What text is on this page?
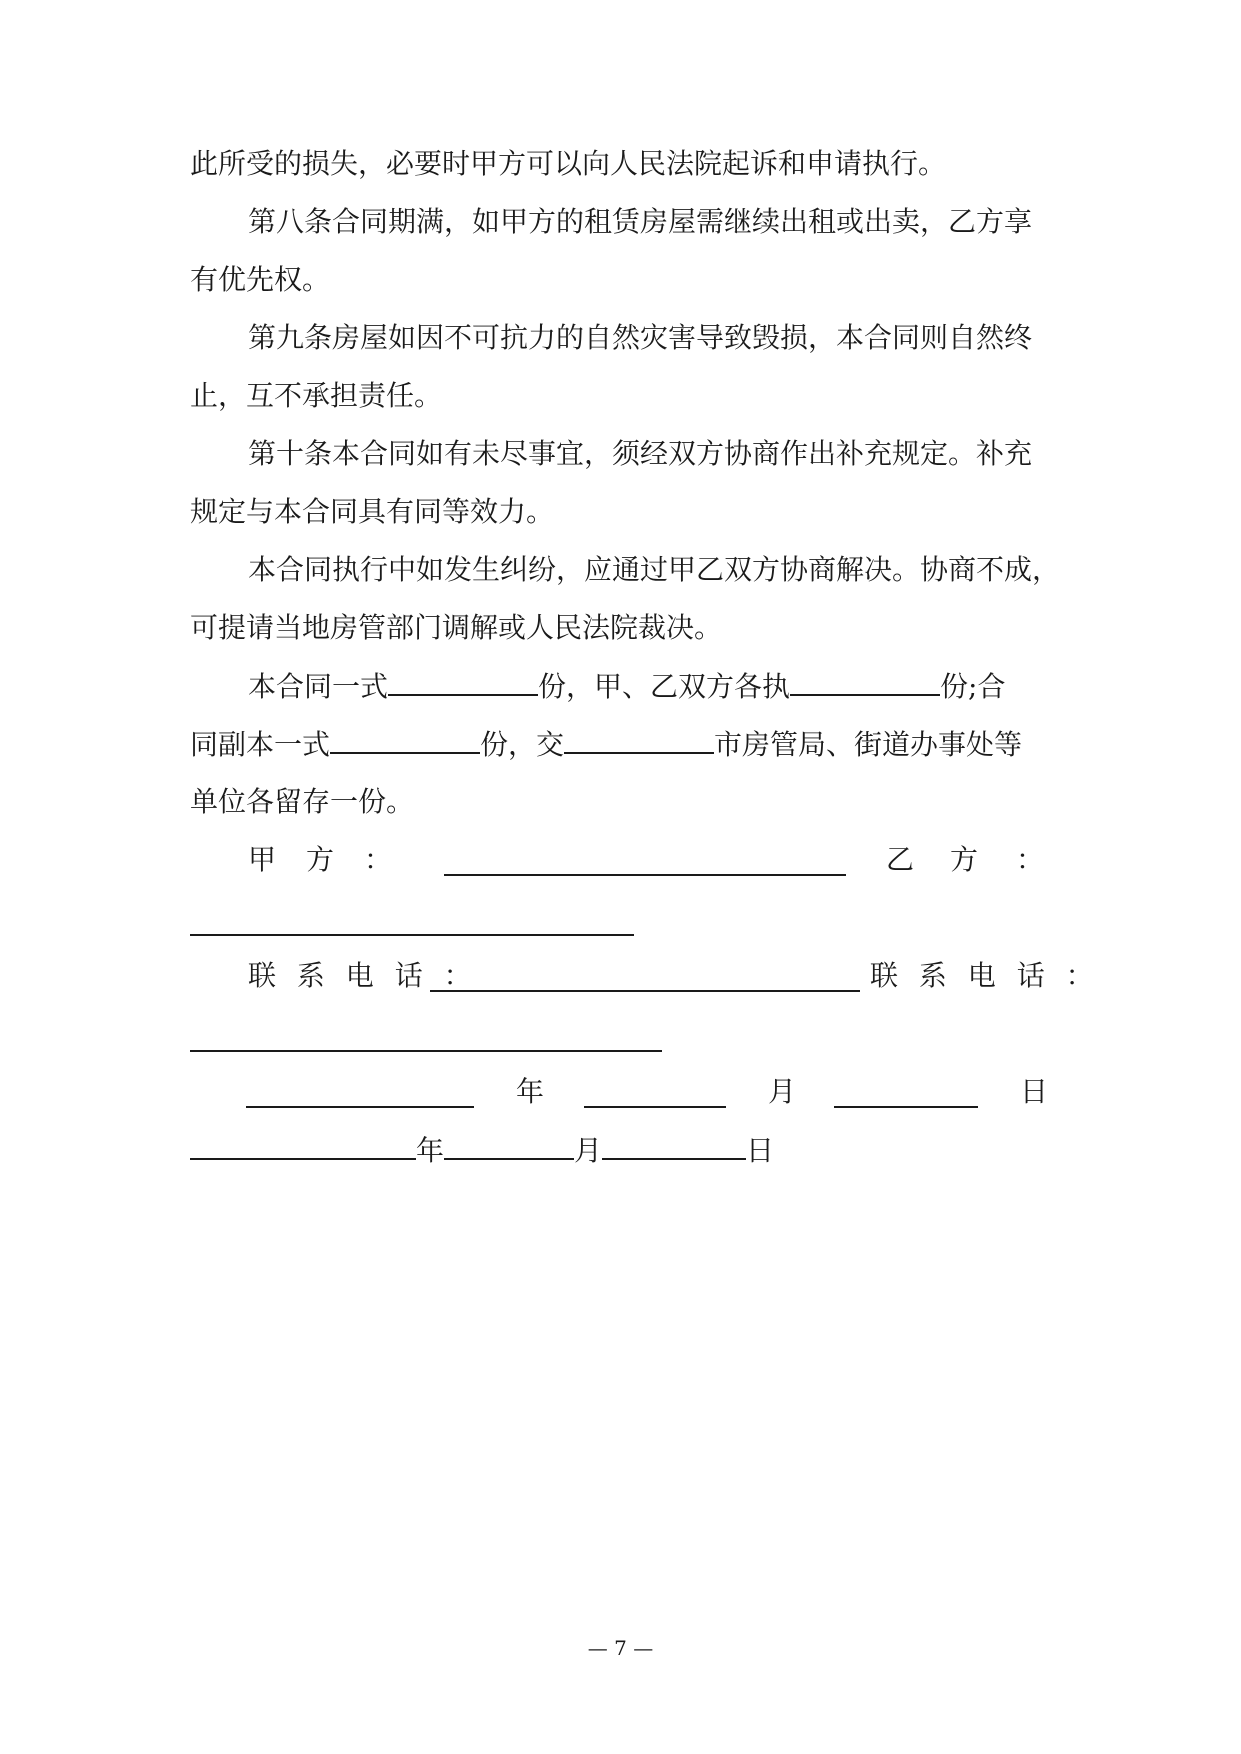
此所受的损失，必要时甲方可以向人民法院起诉和申请执行。
第八条合同期满，如甲方的租赁房屋需继续出租或出卖，乙方享
有优先权。
第九条房屋如因不可抗力的自然灾害导致毁损，本合同则自然终
止，互不承担责任。
第十条本合同如有未尽事宜，须经双方协商作出补充规定。补充
规定与本合同具有同等效力。
本合同执行中如发生纠纷，应通过甲乙双方协商解决。协商不成，
可提请当地房管部门调解或人民法院裁决。
本合同一式	份，甲、乙双方各执	份;合
同副本一式	份，交	市房管局、街道办事处等
单位各留存一份。
甲 方 ：	乙 方 ：
联 系 电 话 ：	联 系 电 话 ：
年	月	日
年	月	日
— 7 —
